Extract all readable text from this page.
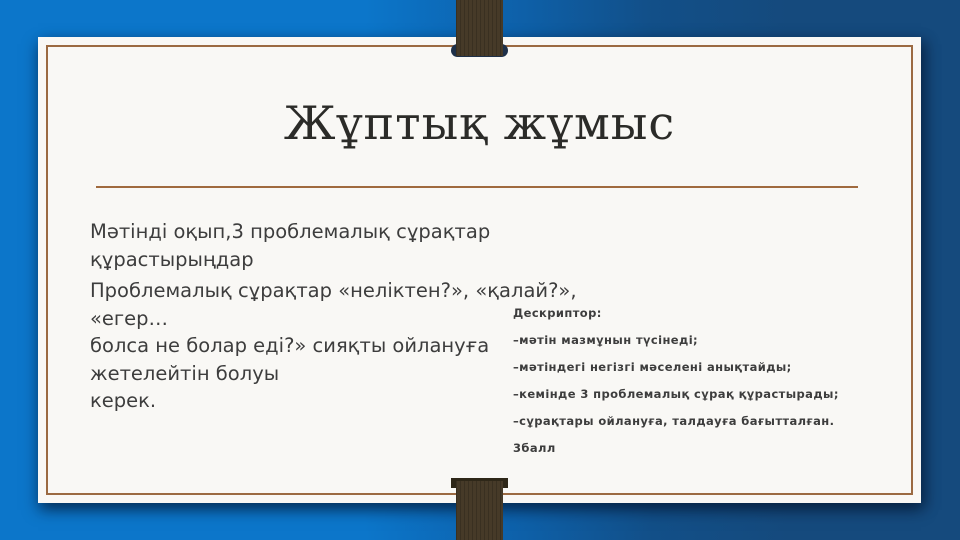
Жұптық жұмыс
Мәтінді оқып,3 проблемалық сұрақтар құрастырыңдар
Проблемалық сұрақтар «неліктен?», «қалай?», «егер…
болса не болар еді?» сияқты ойлануға жетелейтін болуы
керек.
Дескриптор:
–мәтін мазмұнын түсінеді;
–мәтіндегі негізгі мәселені анықтайды;
–кемінде 3 проблемалық сұрақ құрастырады;
–сұрақтары ойлануға, талдауға бағытталған.
3балл
